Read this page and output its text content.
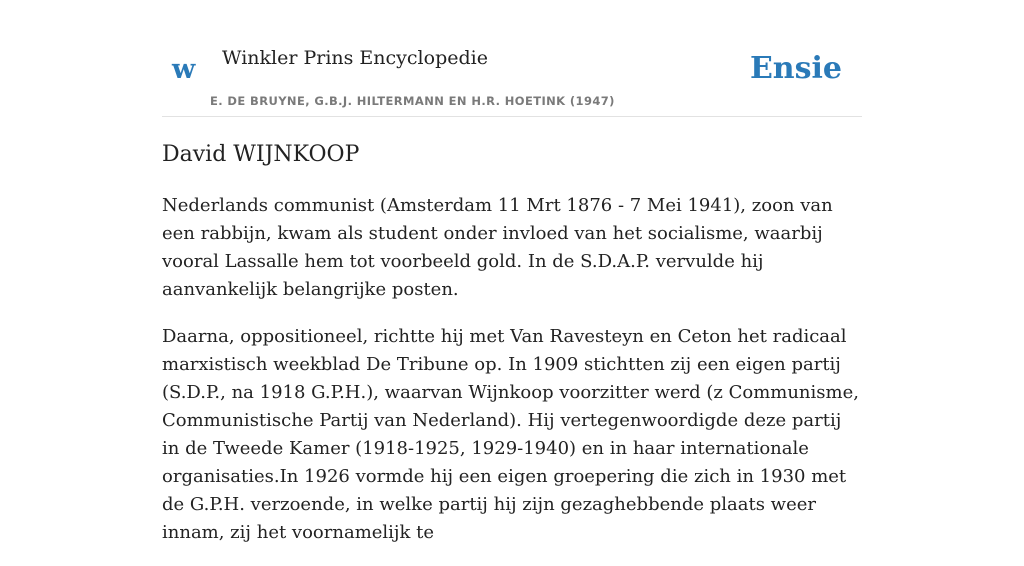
w Winkler Prins Encyclopedie
E. DE BRUYNE, G.B.J. HILTERMANN EN H.R. HOETINK (1947)
Ensie
David WIJNKOOP

Nederlands communist (Amsterdam 11 Mrt 1876 - 7 Mei 1941), zoon van een rabbijn, kwam als student onder invloed van het socialisme, waarbij vooral Lassalle hem tot voorbeeld gold. In de S.D.A.P. vervulde hij aanvankelijk belangrijke posten.

Daarna, oppositioneel, richtte hij met Van Ravesteyn en Ceton het radicaal marxistisch weekblad De Tribune op. In 1909 stichtten zij een eigen partij (S.D.P., na 1918 G.P.H.), waarvan Wijnkoop voorzitter werd (z Communisme, Communistische Partij van Nederland). Hij vertegenwoordigde deze partij in de Tweede Kamer (1918-1925, 1929-1940) en in haar internationale organisaties.In 1926 vormde hij een eigen groepering die zich in 1930 met de G.P.H. verzoende, in welke partij hij zijn gezaghebbende plaats weer innam, zij het voornamelijk te
